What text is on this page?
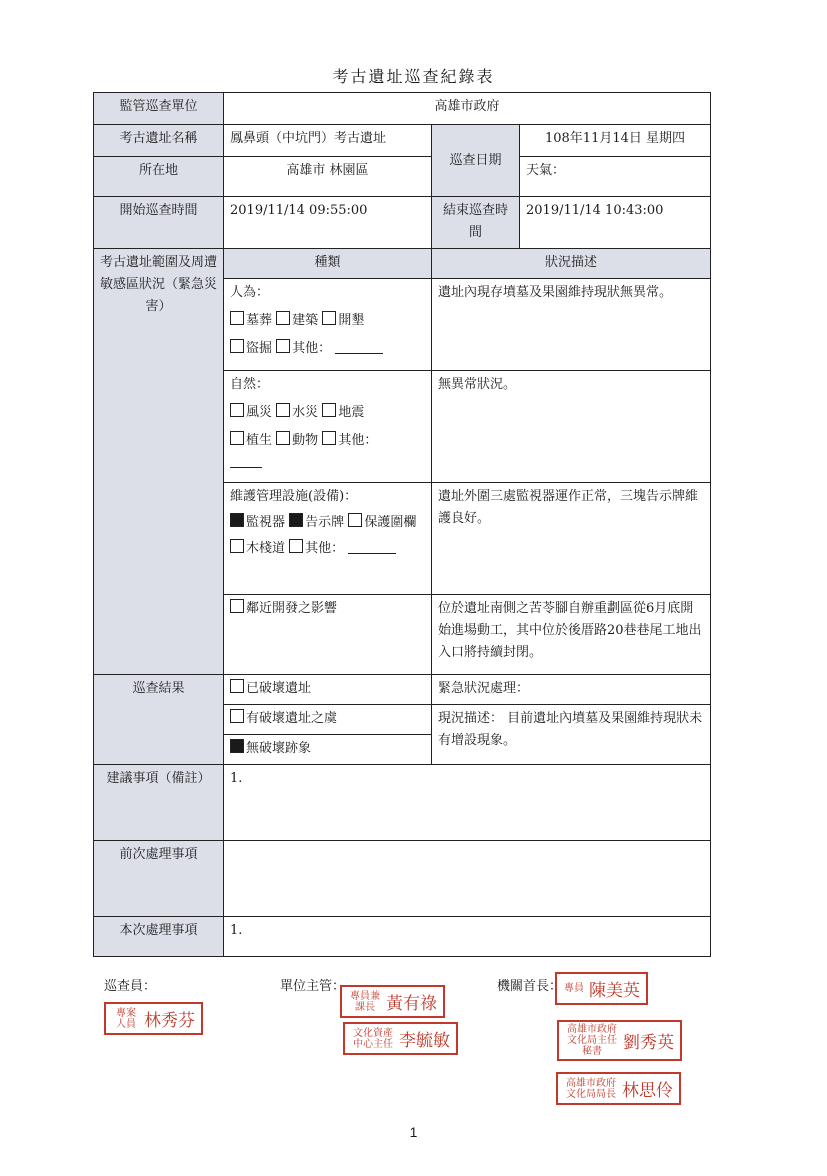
考古遺址巡查紀錄表
監管巡查單位	高雄市政府		
考古遺址名稱	鳳鼻頭（中坑門）考古遺址	巡查日期	108年11月14日 星期四
所在地	高雄市 林園區		天氣：
開始巡查時間	2019/11/14 09:55:00	結束巡查時間	2019/11/14 10:43:00
考古遺址範圍及周遭敏感區狀況（緊急災害）	種類	狀況描述	

	人為：
墓葬 建築 開墾
盜掘 其他：	遺址內現存墳墓及果園維持現狀無異常。	

	自然：
風災 水災 地震
植生 動物 其他：	無異常狀況。	

	維護管理設施(設備)：
監視器 告示牌 保護圍欄
木棧道 其他：	遺址外圍三處監視器運作正常，三塊告示牌維護良好。	
	鄰近開發之影響	位於遺址南側之苦苓腳自辦重劃區從6月底開始進場動工，其中位於後厝路20巷巷尾工地出入口將持續封閉。	
巡查結果	已破壞遺址	緊急狀況處理：	
	有破壞遺址之虞	現況描述： 目前遺址內墳墓及果園維持現狀未有增設現象。	
	無破壞跡象		
建議事項（備註）	1.		
前次處理事項			
本次處理事項	1.		
巡查員：	單位主管：	機關首長：
專案人員 林秀芬
專員兼課長 黃有祿
文化資產中心主任 李毓敏
專員 陳美英
高雄市政府文化局主任秘書 劉秀英
高雄市政府文化局局長 林思伶
1
